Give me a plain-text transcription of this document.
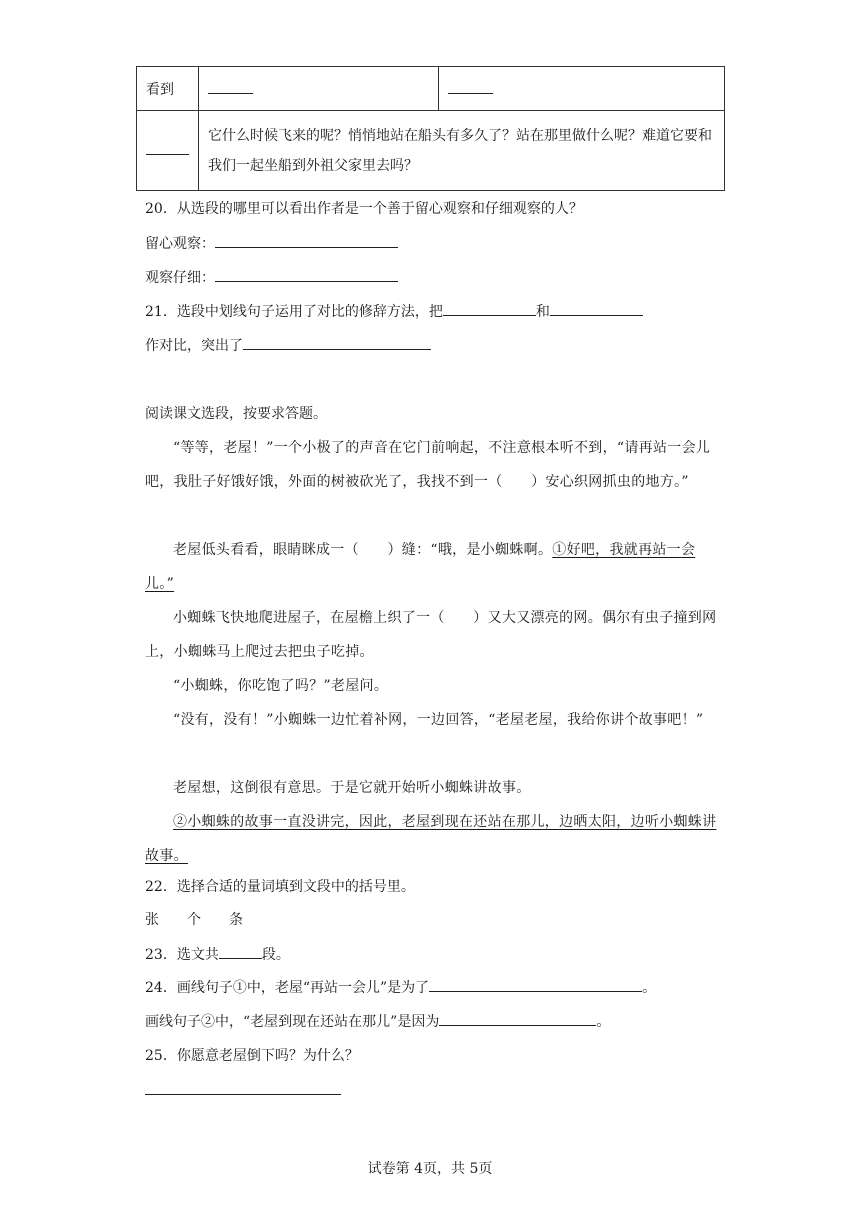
看到		
	它什么时候飞来的呢？悄悄地站在船头有多久了？站在那里做什么呢？难道它要和我们一起坐船到外祖父家里去吗？	
20．从选段的哪里可以看出作者是一个善于留心观察和仔细观察的人？
留心观察：
观察仔细：
21．选段中划线句子运用了对比的修辞方法，把	和
作对比，突出了
阅读课文选段，按要求答题。
“等等，老屋！”一个小极了的声音在它门前响起，不注意根本听不到，“请再站一会儿吧，我肚子好饿好饿，外面的树被砍光了，我找不到一（　　）安心织网抓虫的地方。”
老屋低头看看，眼睛眯成一（　　）缝：“哦，是小蜘蛛啊。①好吧，我就再站一会儿。”
小蜘蛛飞快地爬进屋子，在屋檐上织了一（　　）又大又漂亮的网。偶尔有虫子撞到网上，小蜘蛛马上爬过去把虫子吃掉。
“小蜘蛛，你吃饱了吗？”老屋问。
“没有，没有！”小蜘蛛一边忙着补网，一边回答，“老屋老屋，我给你讲个故事吧！”
老屋想，这倒很有意思。于是它就开始听小蜘蛛讲故事。
②小蜘蛛的故事一直没讲完，因此，老屋到现在还站在那儿，边晒太阳，边听小蜘蛛讲故事。
22．选择合适的量词填到文段中的括号里。
张 个 条
23．选文共	段。
24．画线句子①中，老屋“再站一会儿”是为了	。
画线句子②中，“老屋到现在还站在那儿”是因为	。
25．你愿意老屋倒下吗？为什么？
试卷第 4页，共 5页
